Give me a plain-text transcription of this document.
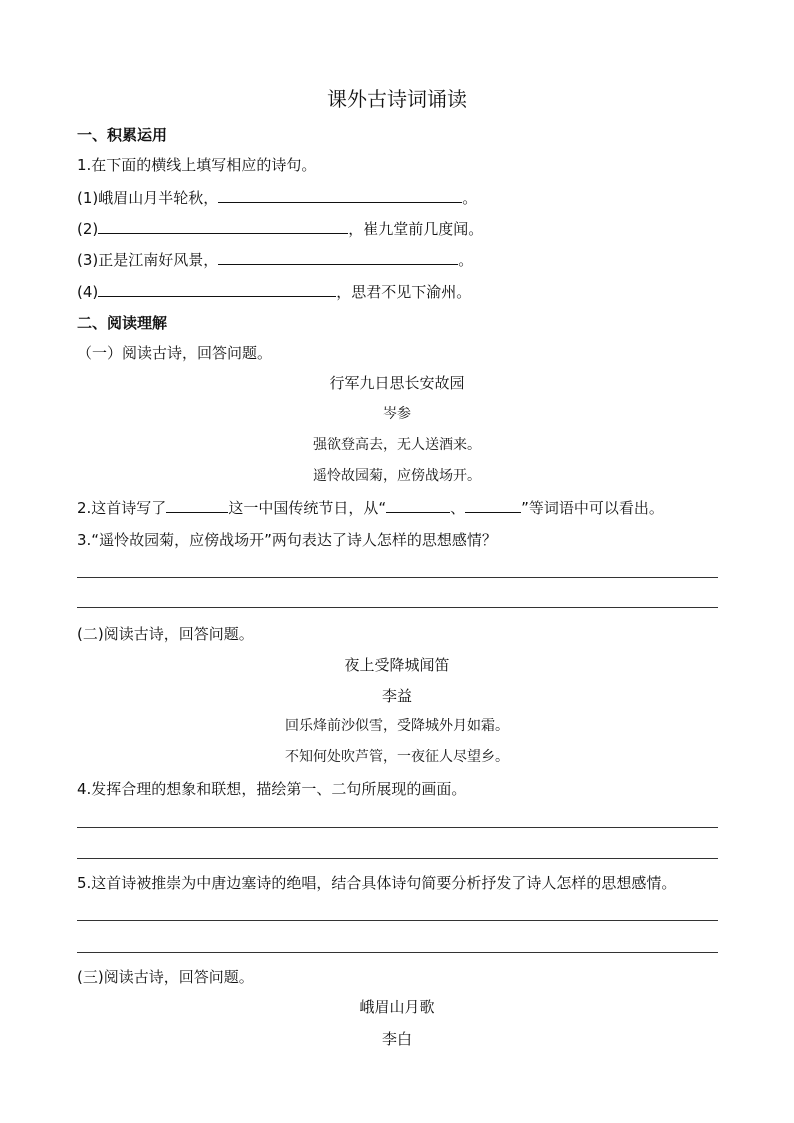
课外古诗词诵读
一、积累运用
1.在下面的横线上填写相应的诗句。
(1)峨眉山月半轮秋，	。
(2)	，崔九堂前几度闻。
(3)正是江南好风景，	。
(4)	，思君不见下渝州。
二、阅读理解
（一）阅读古诗，回答问题。
行军九日思长安故园
岑参
强欲登高去，无人送酒来。
遥怜故园菊，应傍战场开。
2.这首诗写了	这一中国传统节日，从“	、	”等词语中可以看出。
3.“遥怜故园菊，应傍战场开”两句表达了诗人怎样的思想感情？
(二)阅读古诗，回答问题。
夜上受降城闻笛
李益
回乐烽前沙似雪，受降城外月如霜。
不知何处吹芦管，一夜征人尽望乡。
4.发挥合理的想象和联想，描绘第一、二句所展现的画面。
5.这首诗被推崇为中唐边塞诗的绝唱，结合具体诗句简要分析抒发了诗人怎样的思想感情。
(三)阅读古诗，回答问题。
峨眉山月歌
李白
